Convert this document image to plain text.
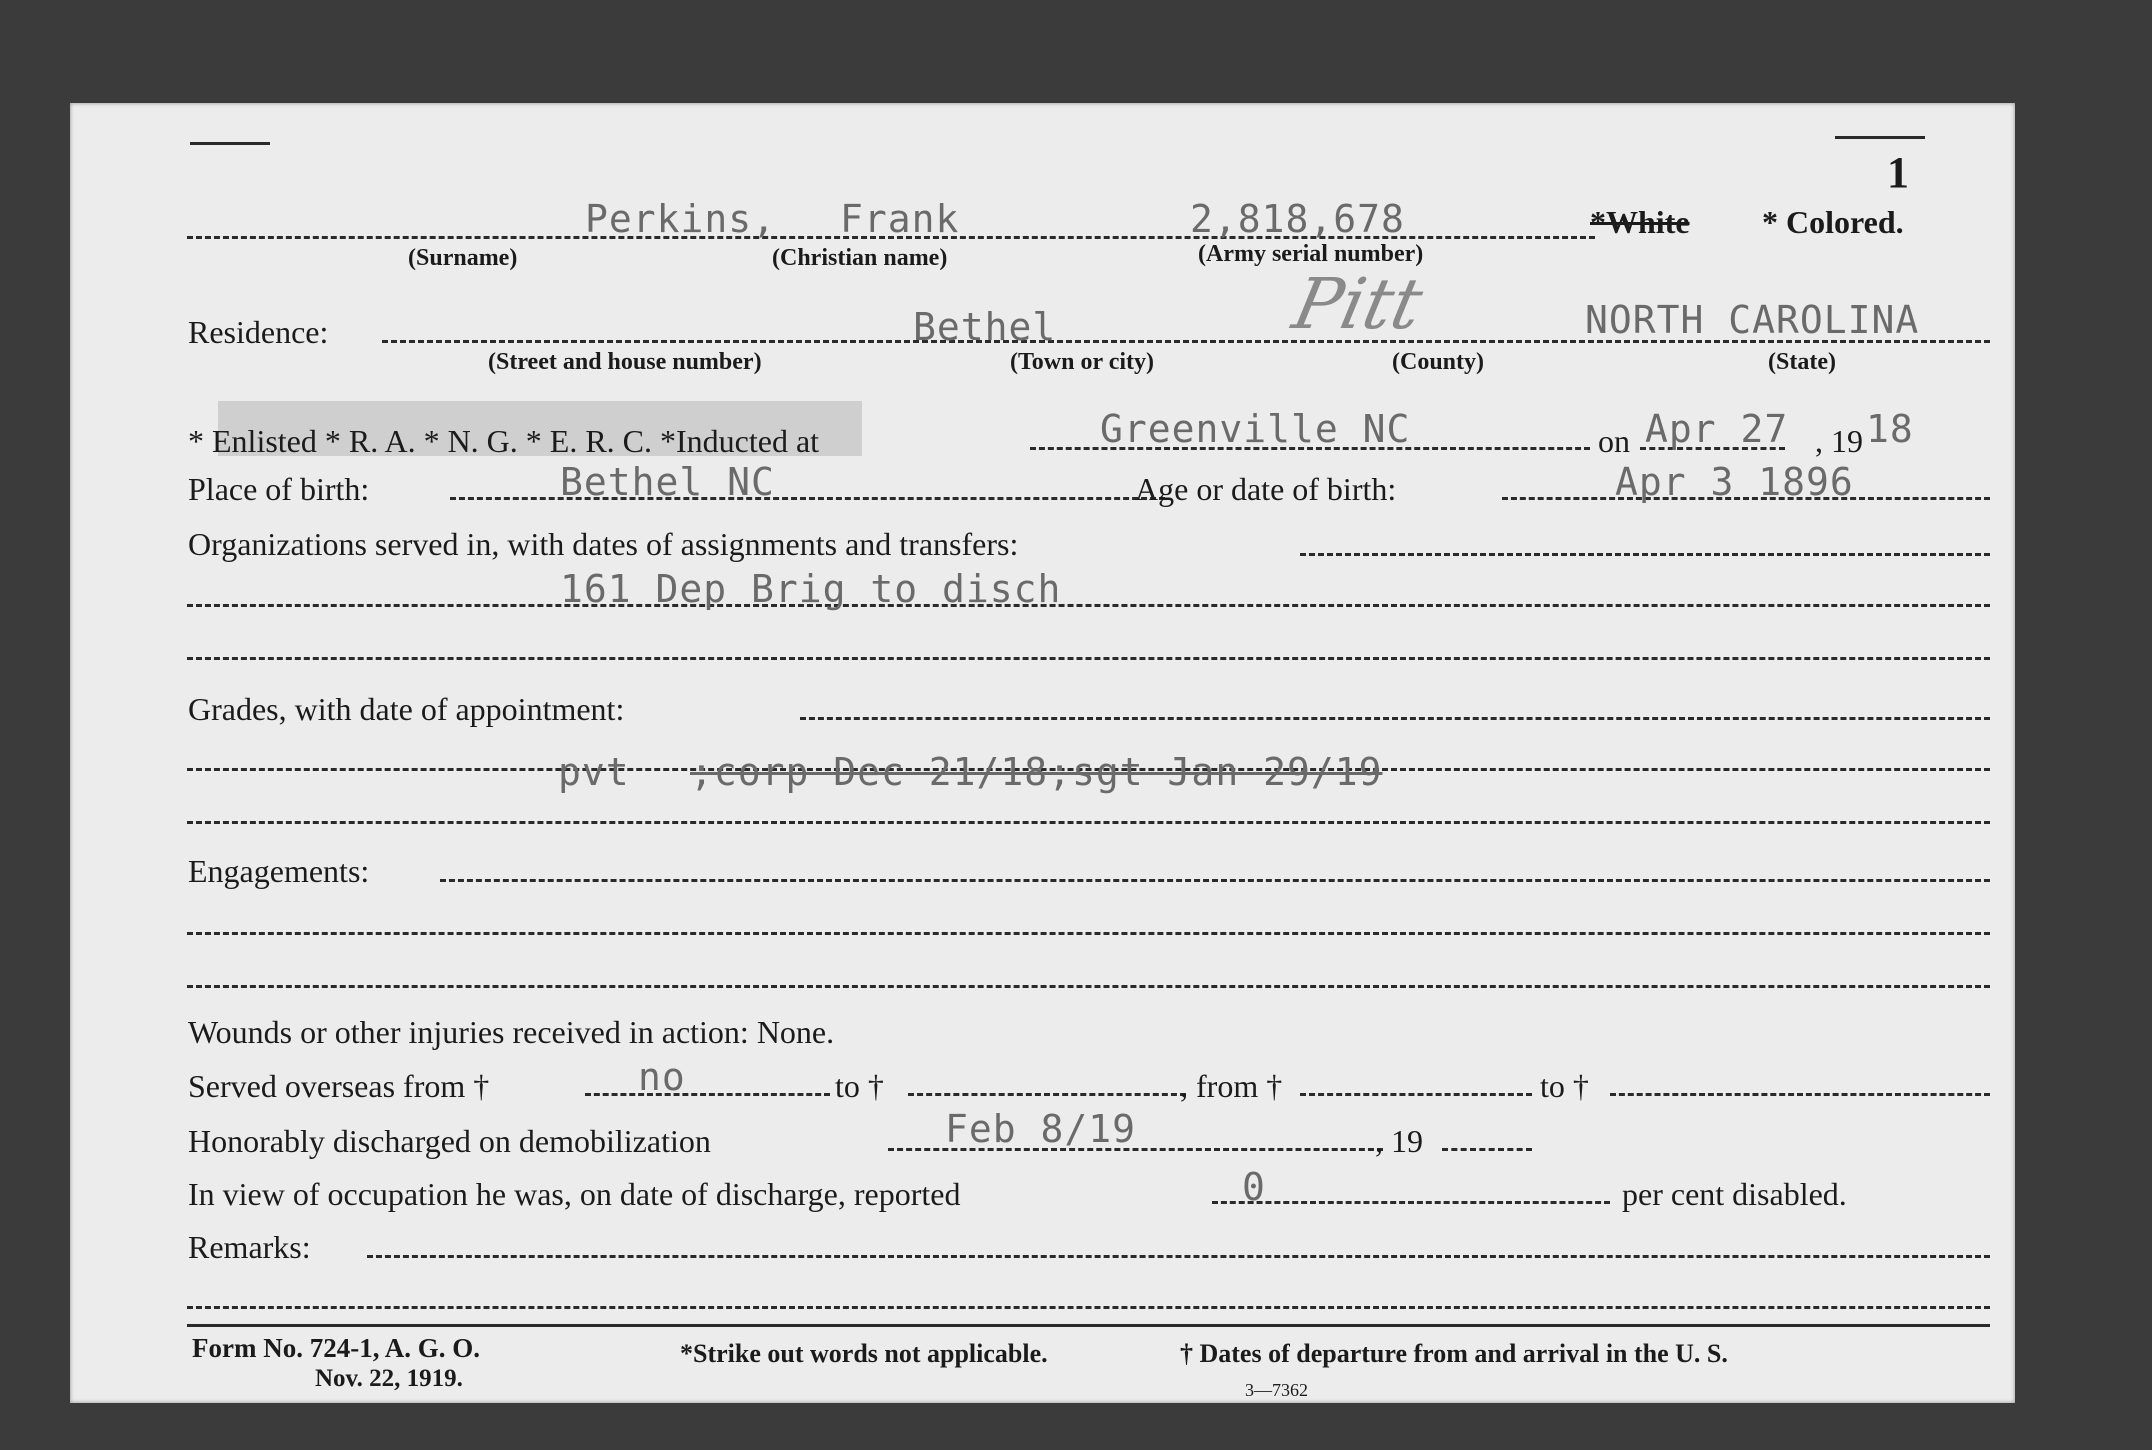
1
Perkins, Frank	2,818,678	*White * Colored.
(Surname)	(Christian name)	(Army serial number)
Residence:	Bethel	Pitt	NORTH CAROLINA
(Street and house number)	(Town or city)	(County)	(State)
* Enlisted * R. A. * N. G. * E. R. C. *Inducted at	Greenville NC	on Apr 27 , 19 18
Place of birth:	Bethel NC	Age or date of birth:	Apr 3 1896
Organizations served in, with dates of assignments and transfers:
161 Dep Brig to disch
Grades, with date of appointment:
pvt ;corp Dec 21/18;sgt Jan 29/19
Engagements:
Wounds or other injuries received in action: None.
Served overseas from †	no	to †	, from †	to †
Honorably discharged on demobilization	Feb 8/19	, 19
In view of occupation he was, on date of discharge, reported	0	per cent disabled.
Remarks:
Form No. 724-1, A. G. O.
Nov. 22, 1919.
*Strike out words not applicable.	† Dates of departure from and arrival in the U. S.
3—7362
